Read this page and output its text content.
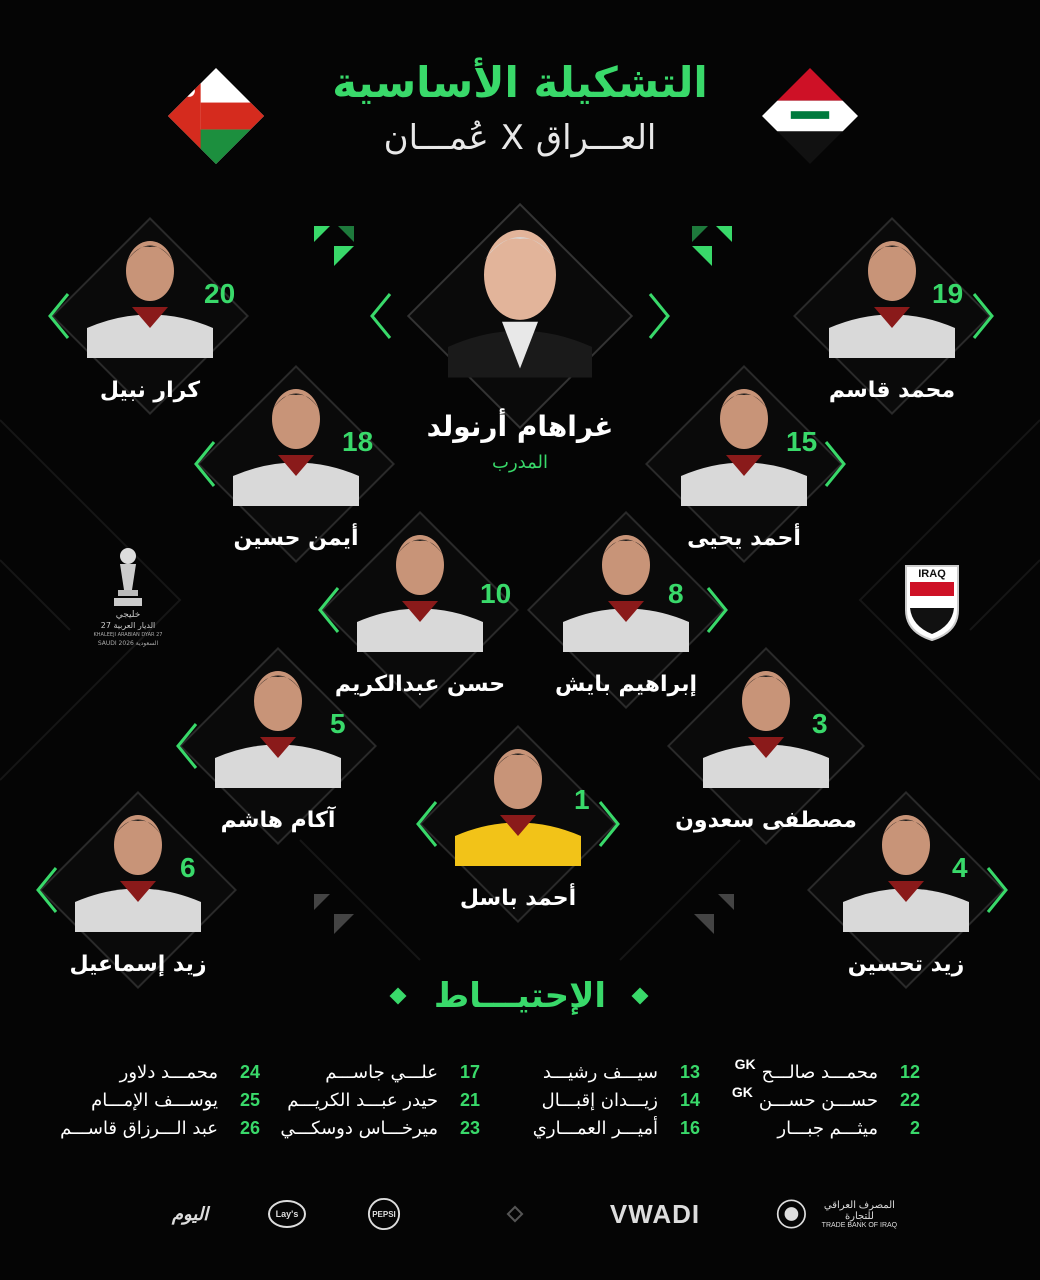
التشكيلة الأساسية
العـــراق X عُمـــان
غراهام أرنولد
المدرب
20
كرار نبيل
19
محمد قاسم
18
أيمن حسين
15
أحمد يحيى
10
حسن عبدالكريم
8
إبراهيم بايش
5
آكام هاشم
3
مصطفى سعدون
1
أحمد باسل
6
زيد إسماعيل
4
زيد تحسين
IRAQ
خليجي
الديار العربية 27
KHALEEJI ARABIAN DYAR 27
SAUDI 2026 السعودية
الإحتيـــاط
12
محمـــد صالـــح
GK
22
حســـن حســـن
GK
2
ميثـــم جبـــار
13
سيـــف رشيـــد
14
زيـــدان إقبـــال
16
أميـــر العمـــاري
17
علـــي جاســـم
21
حيدر عبـــد الكريـــم
23
ميرخـــاس دوسكـــي
24
محمـــد دلاور
25
يوســـف الإمـــام
26
عبد الـــرزاق قاســـم
اليوم	Lay's	PEPSI	V WADI	المصرف العراقي للتجارة
TRADE BANK OF IRAQ
